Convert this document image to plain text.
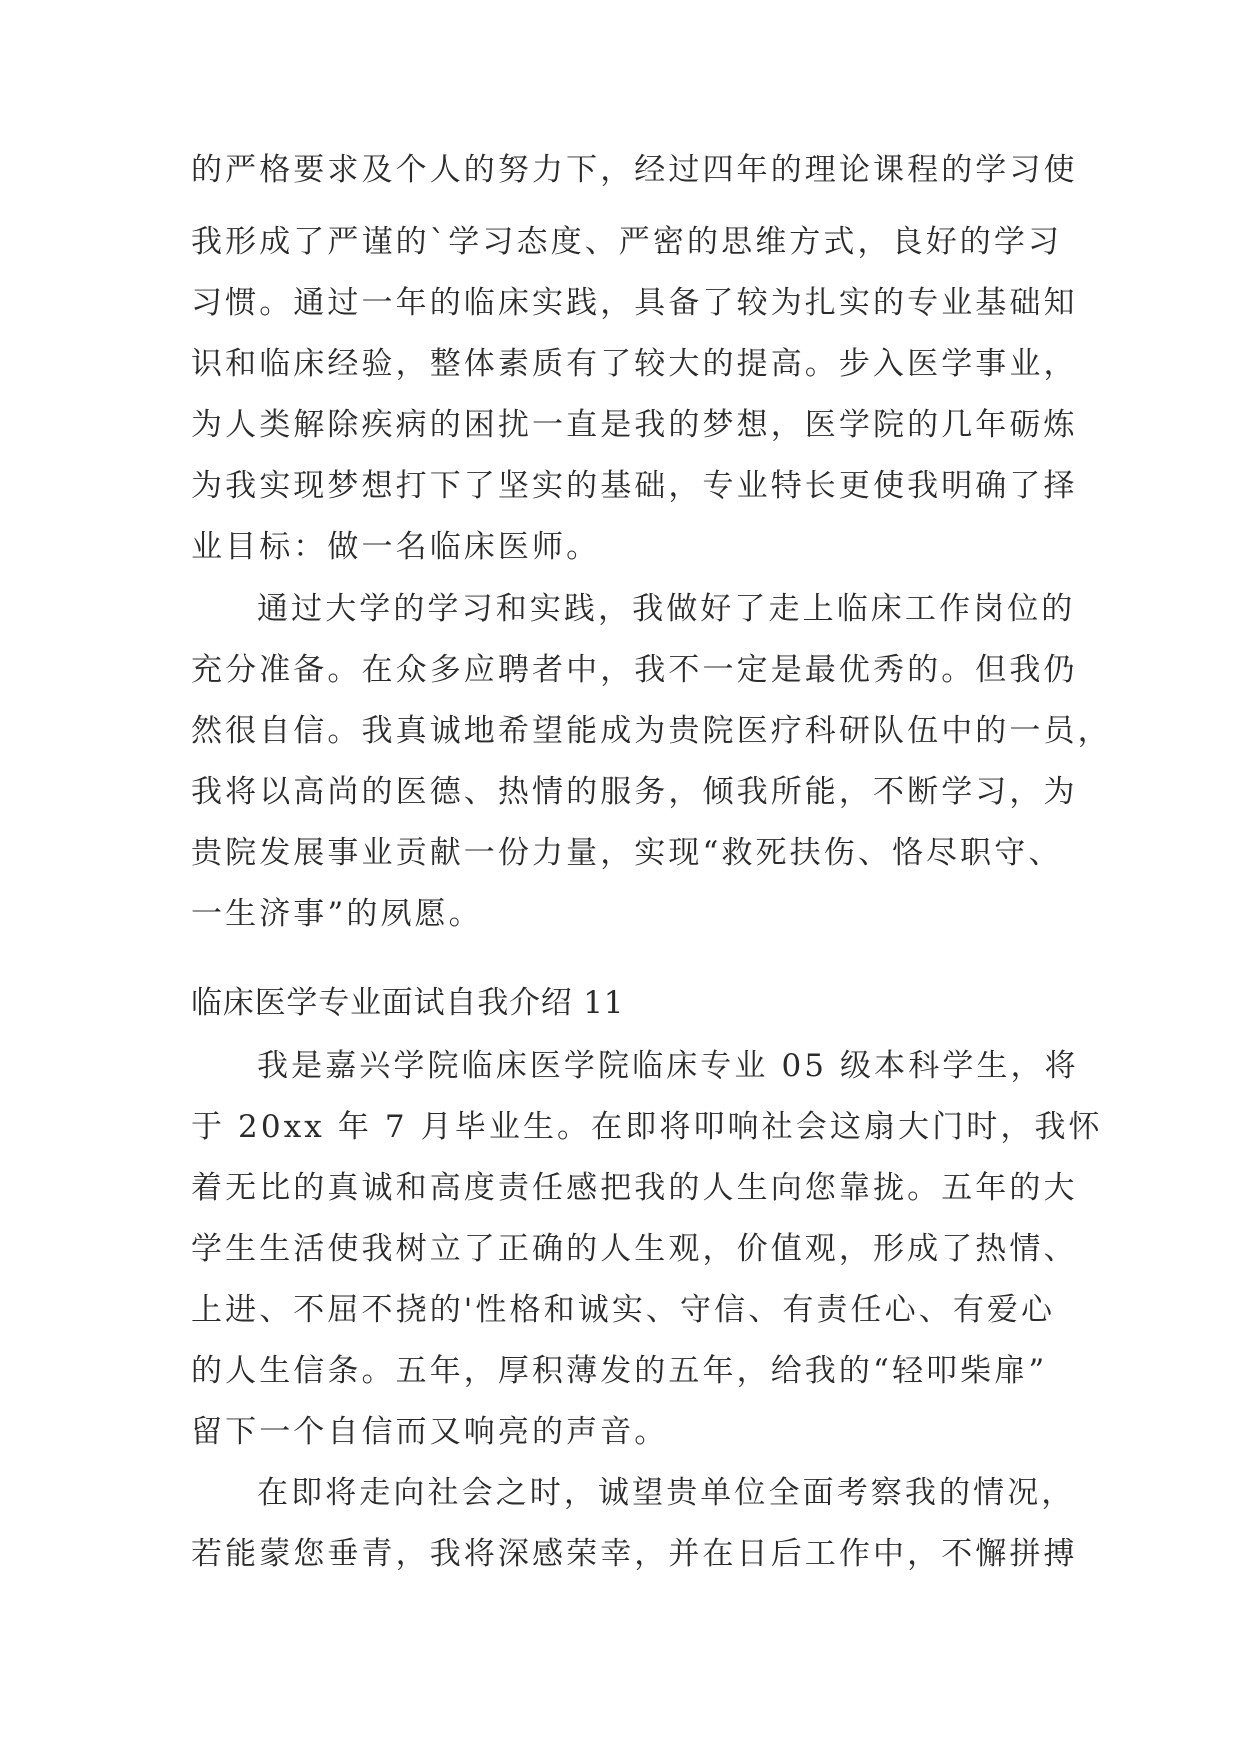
的严格要求及个人的努力下，经过四年的理论课程的学习使
我形成了严谨的`学习态度、严密的思维方式，良好的学习
习惯。通过一年的临床实践，具备了较为扎实的专业基础知
识和临床经验，整体素质有了较大的提高。步入医学事业，
为人类解除疾病的困扰一直是我的梦想，医学院的几年砺炼
为我实现梦想打下了坚实的基础，专业特长更使我明确了择
业目标：做一名临床医师。
通过大学的学习和实践，我做好了走上临床工作岗位的
充分准备。在众多应聘者中，我不一定是最优秀的。但我仍
然很自信。我真诚地希望能成为贵院医疗科研队伍中的一员，
我将以高尚的医德、热情的服务，倾我所能，不断学习，为
贵院发展事业贡献一份力量，实现“救死扶伤、恪尽职守、
一生济事”的夙愿。
临床医学专业面试自我介绍 11
我是嘉兴学院临床医学院临床专业 05 级本科学生，将
于 20xx 年 7 月毕业生。在即将叩响社会这扇大门时，我怀
着无比的真诚和高度责任感把我的人生向您靠拢。五年的大
学生生活使我树立了正确的人生观，价值观，形成了热情、
上进、不屈不挠的'性格和诚实、守信、有责任心、有爱心
的人生信条。五年，厚积薄发的五年，给我的“轻叩柴扉”
留下一个自信而又响亮的声音。
在即将走向社会之时，诚望贵单位全面考察我的情况，
若能蒙您垂青，我将深感荣幸，并在日后工作中，不懈拼搏
